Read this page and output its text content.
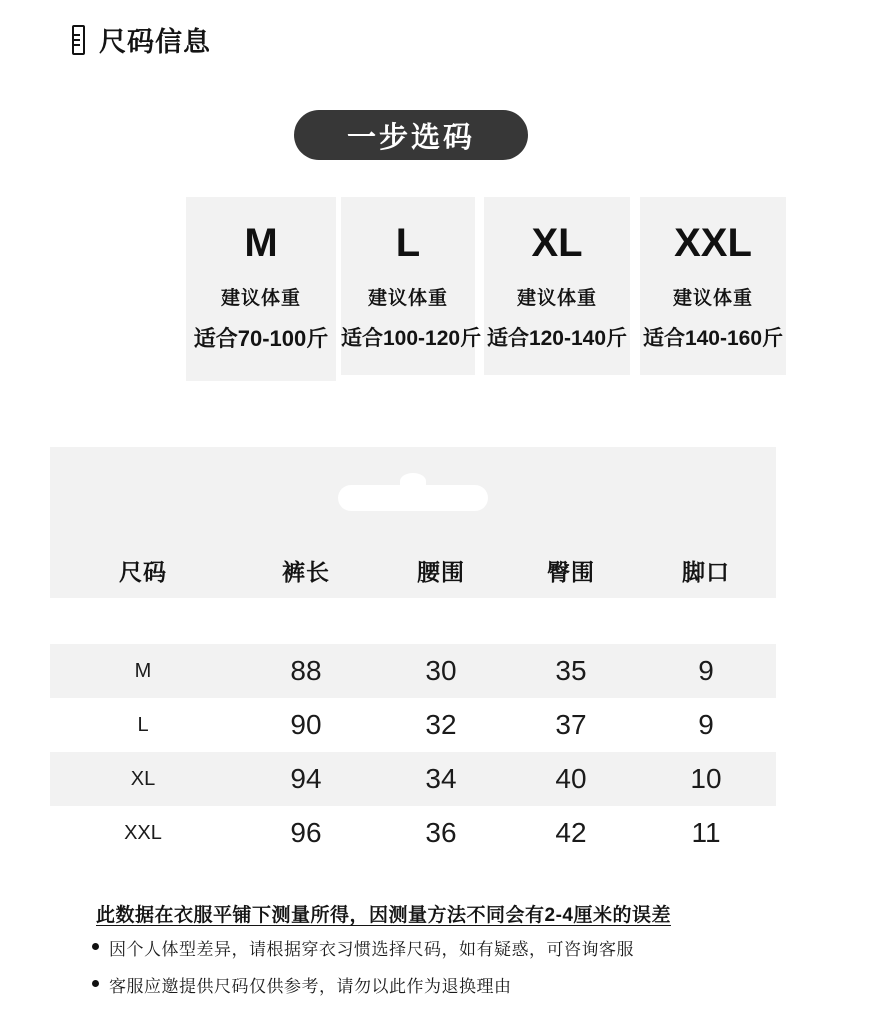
尺码信息
一步选码
M
建议体重
适合70-100斤
L
建议体重
适合100-120斤
XL
建议体重
适合120-140斤
XXL
建议体重
适合140-160斤
尺码	裤长	腰围	臀围	脚口
M	88	30	35	9
L	90	32	37	9
XL	94	34	40	10
XXL	96	36	42	11
此数据在衣服平铺下测量所得，因测量方法不同会有2-4厘米的误差
因个人体型差异，请根据穿衣习惯选择尺码，如有疑惑，可咨询客服
客服应邀提供尺码仅供参考，请勿以此作为退换理由
